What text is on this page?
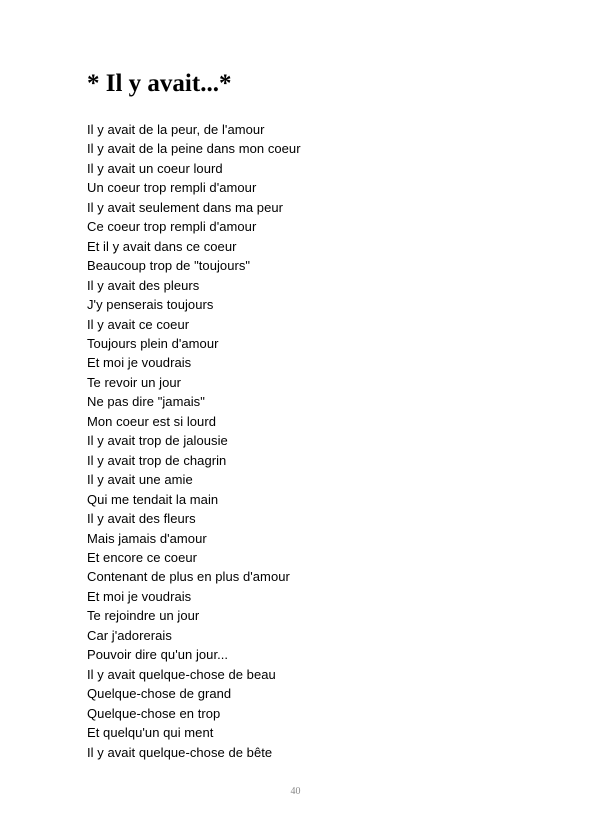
* Il y avait...*
Il y avait de la peur, de l'amour
Il y avait de la peine dans mon coeur
Il y avait un coeur lourd
Un coeur trop rempli d'amour
Il y avait seulement dans ma peur
Ce coeur trop rempli d'amour
Et il y avait dans ce coeur
Beaucoup trop de "toujours"
Il y avait des pleurs
J'y penserais toujours
Il y avait ce coeur
Toujours plein d'amour
Et moi je voudrais
Te revoir un jour
Ne pas dire "jamais"
Mon coeur est si lourd
Il y avait trop de jalousie
Il y avait trop de chagrin
Il y avait une amie
Qui me tendait la main
Il y avait des fleurs
Mais jamais d'amour
Et encore ce coeur
Contenant de plus en plus d'amour
Et moi je voudrais
Te rejoindre un jour
Car j'adorerais
Pouvoir dire qu'un jour...
Il y avait quelque-chose de beau
Quelque-chose de grand
Quelque-chose en trop
Et quelqu'un qui ment
Il y avait quelque-chose de bête
40
